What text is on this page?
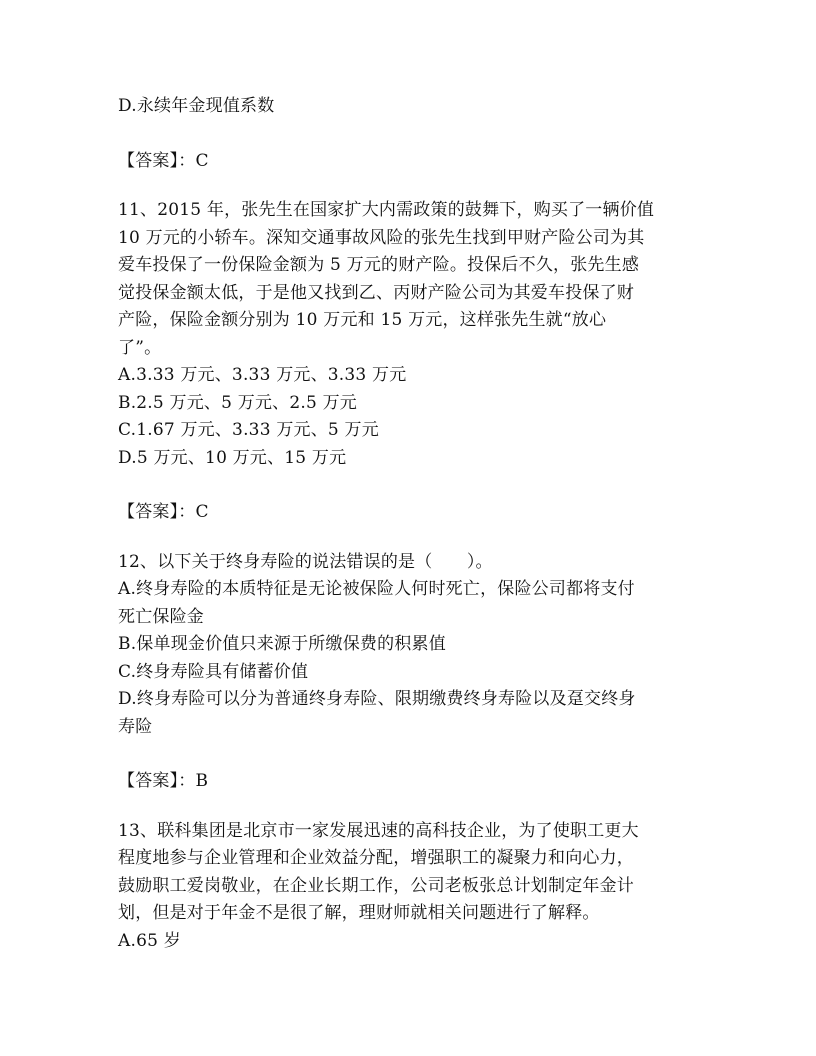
D.永续年金现值系数
【答案】：C
11、2015 年，张先生在国家扩大内需政策的鼓舞下，购买了一辆价值
10 万元的小轿车。深知交通事故风险的张先生找到甲财产险公司为其
爱车投保了一份保险金额为 5 万元的财产险。投保后不久，张先生感
觉投保金额太低，于是他又找到乙、丙财产险公司为其爱车投保了财
产险，保险金额分别为 10 万元和 15 万元，这样张先生就“放心
了”。
A.3.33 万元、3.33 万元、3.33 万元
B.2.5 万元、5 万元、2.5 万元
C.1.67 万元、3.33 万元、5 万元
D.5 万元、10 万元、15 万元
【答案】：C
12、以下关于终身寿险的说法错误的是（　　）。
A.终身寿险的本质特征是无论被保险人何时死亡，保险公司都将支付
死亡保险金
B.保单现金价值只来源于所缴保费的积累值
C.终身寿险具有储蓄价值
D.终身寿险可以分为普通终身寿险、限期缴费终身寿险以及趸交终身
寿险
【答案】：B
13、联科集团是北京市一家发展迅速的高科技企业，为了使职工更大
程度地参与企业管理和企业效益分配，增强职工的凝聚力和向心力，
鼓励职工爱岗敬业，在企业长期工作，公司老板张总计划制定年金计
划，但是对于年金不是很了解，理财师就相关问题进行了解释。
A.65 岁
